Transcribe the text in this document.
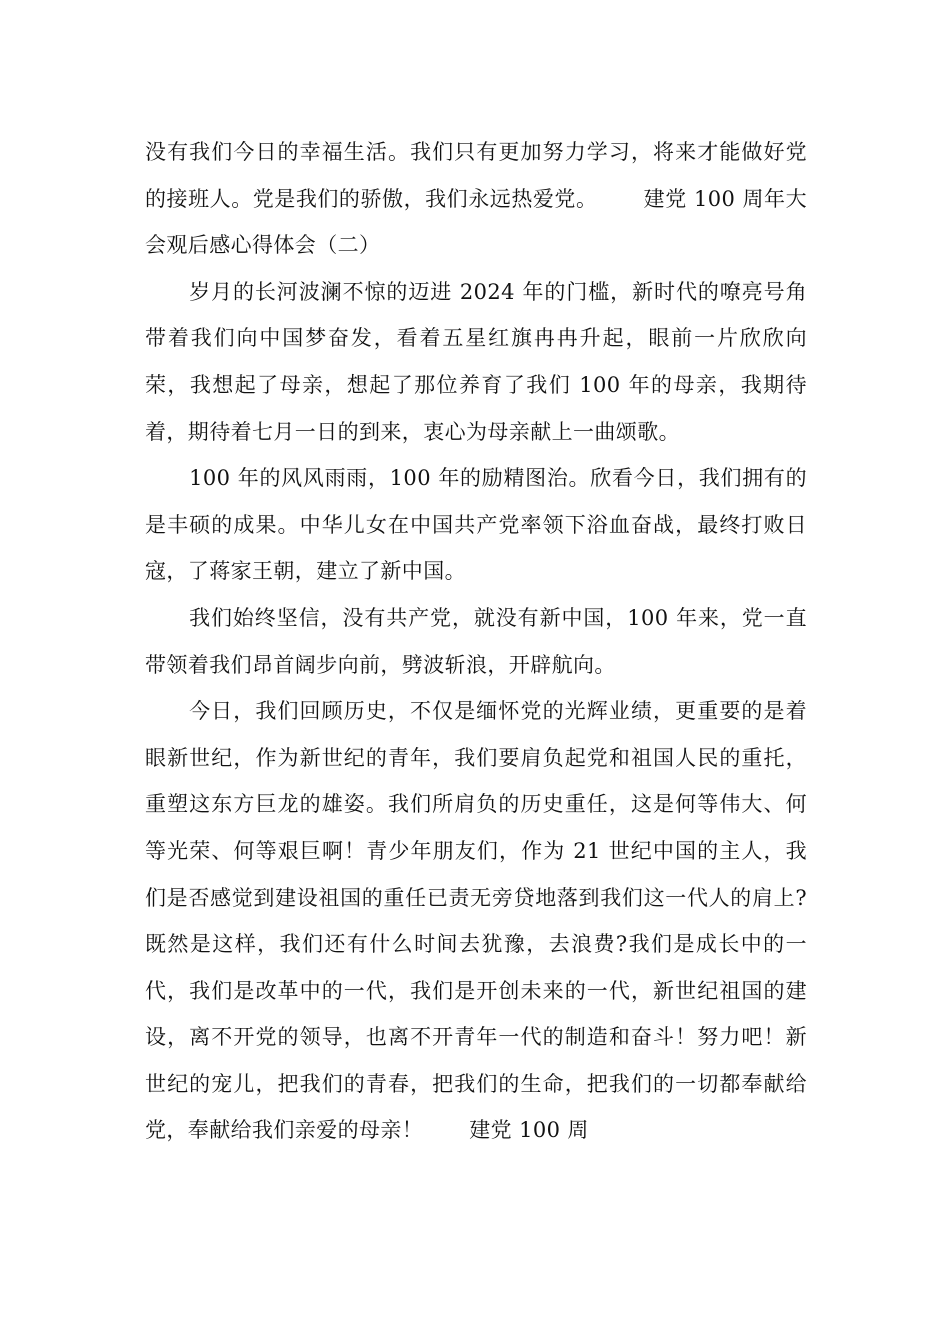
没有我们今日的幸福生活。我们只有更加努力学习，将来才能做好党的接班人。党是我们的骄傲，我们永远热爱党。 建党 100 周年大会观后感心得体会（二）

岁月的长河波澜不惊的迈进 2024 年的门槛，新时代的嘹亮号角带着我们向中国梦奋发，看着五星红旗冉冉升起，眼前一片欣欣向荣，我想起了母亲，想起了那位养育了我们 100 年的母亲，我期待着，期待着七月一日的到来，衷心为母亲献上一曲颂歌。

100 年的风风雨雨，100 年的励精图治。欣看今日，我们拥有的是丰硕的成果。中华儿女在中国共产党率领下浴血奋战，最终打败日寇，了蒋家王朝，建立了新中国。

我们始终坚信，没有共产党，就没有新中国，100 年来，党一直带领着我们昂首阔步向前，劈波斩浪，开辟航向。

今日，我们回顾历史，不仅是缅怀党的光辉业绩，更重要的是着眼新世纪，作为新世纪的青年，我们要肩负起党和祖国人民的重托，重塑这东方巨龙的雄姿。我们所肩负的历史重任，这是何等伟大、何等光荣、何等艰巨啊！青少年朋友们，作为 21 世纪中国的主人，我们是否感觉到建设祖国的重任已责无旁贷地落到我们这一代人的肩上?既然是这样，我们还有什么时间去犹豫，去浪费?我们是成长中的一代，我们是改革中的一代，我们是开创未来的一代，新世纪祖国的建设，离不开党的领导，也离不开青年一代的制造和奋斗！努力吧！新世纪的宠儿，把我们的青春，把我们的生命，把我们的一切都奉献给党，奉献给我们亲爱的母亲！ 建党 100 周
